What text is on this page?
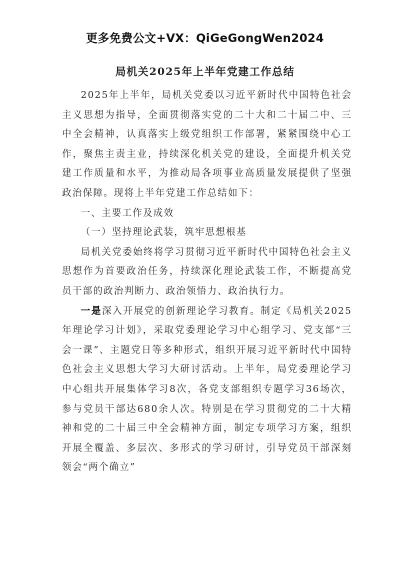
更多免费公文+VX：QiGeGongWen2024
局机关2025年上半年党建工作总结

2025年上半年，局机关党委以习近平新时代中国特色社会主义思想为指导，全面贯彻落实党的二十大和二十届二中、三中全会精神，认真落实上级党组织工作部署，紧紧围绕中心工作，聚焦主责主业，持续深化机关党的建设，全面提升机关党建工作质量和水平，为推动局各项事业高质量发展提供了坚强政治保障。现将上半年党建工作总结如下：

一、主要工作及成效

（一）坚持理论武装，筑牢思想根基

局机关党委始终将学习贯彻习近平新时代中国特色社会主义思想作为首要政治任务，持续深化理论武装工作，不断提高党员干部的政治判断力、政治领悟力、政治执行力。

一是深入开展党的创新理论学习教育。制定《局机关2025年理论学习计划》，采取党委理论学习中心组学习、党支部“三会一课”、主题党日等多种形式，组织开展习近平新时代中国特色社会主义思想大学习大研讨活动。上半年，局党委理论学习中心组共开展集体学习8次，各党支部组织专题学习36场次，参与党员干部达680余人次。特别是在学习贯彻党的二十大精神和党的二十届三中全会精神方面，制定专项学习方案，组织开展全覆盖、多层次、多形式的学习研讨，引导党员干部深刻领会“两个确立”
